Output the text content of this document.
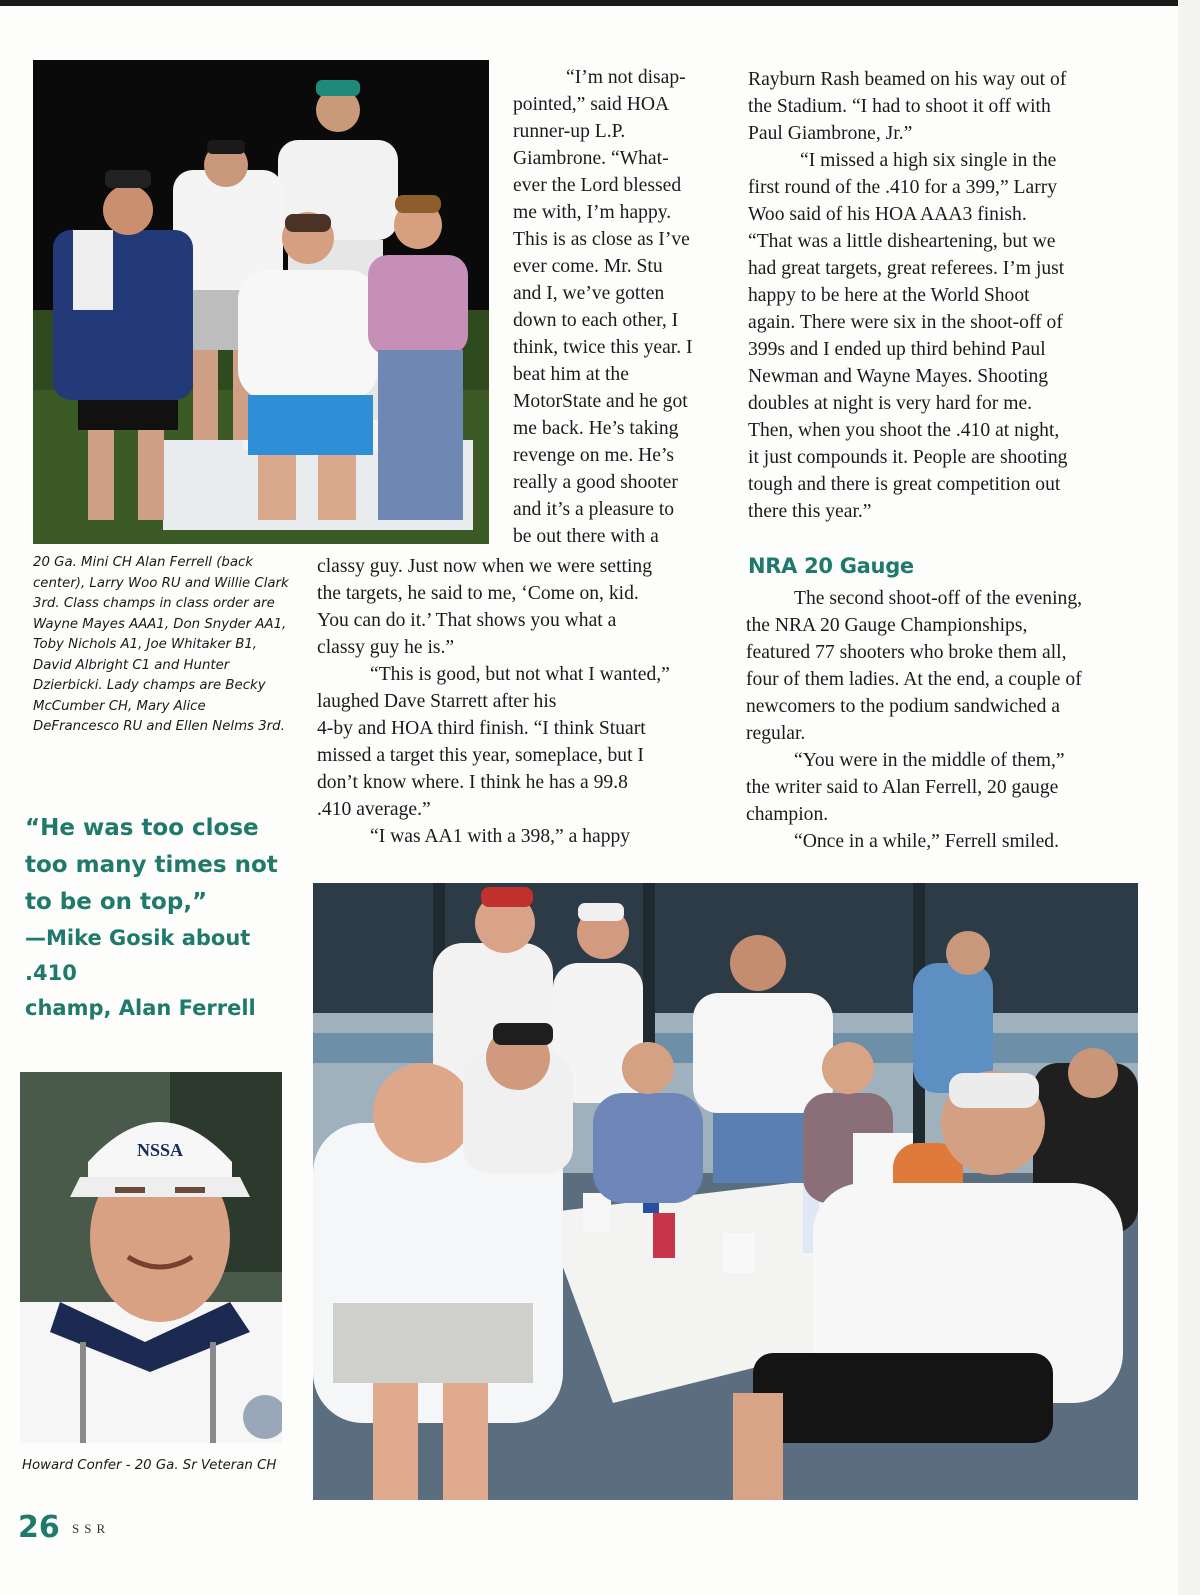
20 Ga. Mini CH Alan Ferrell (back center), Larry Woo RU and Willie Clark 3rd. Class champs in class order are Wayne Mayes AAA1, Don Snyder AA1, Toby Nichols A1, Joe Whitaker B1, David Albright C1 and Hunter Dzierbicki. Lady champs are Becky McCumber CH, Mary Alice DeFrancesco RU and Ellen Nelms 3rd.
“I’m not disap-
pointed,” said HOA
runner-up L.P.
Giambrone. “What-
ever the Lord blessed
me with, I’m happy.
This is as close as I’ve
ever come. Mr. Stu
and I, we’ve gotten
down to each other, I
think, twice this year. I
beat him at the
MotorState and he got
me back. He’s taking
revenge on me. He’s
really a good shooter
and it’s a pleasure to
be out there with a
classy guy. Just now when we were setting
the targets, he said to me, ‘Come on, kid.
You can do it.’ That shows you what a
classy guy he is.”
“This is good, but not what I wanted,”
laughed Dave Starrett after his
4-by and HOA third finish. “I think Stuart
missed a target this year, someplace, but I
don’t know where. I think he has a 99.8
.410 average.”
“I was AA1 with a 398,” a happy
Rayburn Rash beamed on his way out of
the Stadium. “I had to shoot it off with
Paul Giambrone, Jr.”
“I missed a high six single in the
first round of the .410 for a 399,” Larry
Woo said of his HOA AAA3 finish.
“That was a little disheartening, but we
had great targets, great referees. I’m just
happy to be here at the World Shoot
again. There were six in the shoot-off of
399s and I ended up third behind Paul
Newman and Wayne Mayes. Shooting
doubles at night is very hard for me.
Then, when you shoot the .410 at night,
it just compounds it. People are shooting
tough and there is great competition out
there this year.”
NRA 20 Gauge
The second shoot-off of the evening,
the NRA 20 Gauge Championships,
featured 77 shooters who broke them all,
four of them ladies. At the end, a couple of
newcomers to the podium sandwiched a
regular.
“You were in the middle of them,”
the writer said to Alan Ferrell, 20 gauge
champion.
“Once in a while,” Ferrell smiled.
“He was too close
too many times not
to be on top,”
—Mike Gosik about .410
champ, Alan Ferrell
NSSA
Howard Confer - 20 Ga. Sr Veteran CH
26 SSR
